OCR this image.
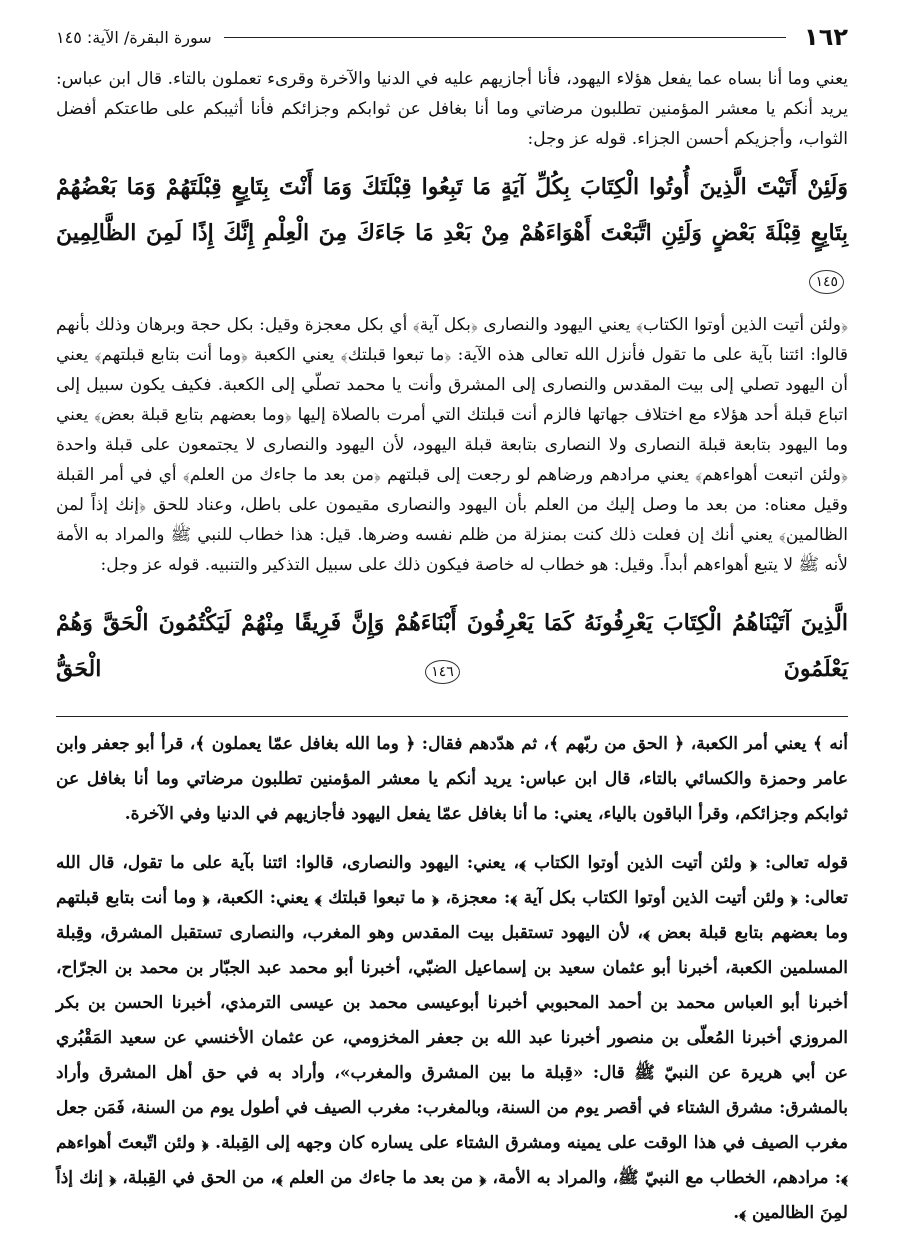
١٦٢
سورة البقرة/ الآية: ١٤٥

يعني وما أنا بساه عما يفعل هؤلاء اليهود، فأنا أجازيهم عليه في الدنيا والآخرة وقرىء تعملون بالتاء. قال ابن عباس: يريد أنكم يا معشر المؤمنين تطلبون مرضاتي وما أنا بغافل عن ثوابكم وجزائكم فأنا أثيبكم على طاعتكم أفضل الثواب، وأجزيكم أحسن الجزاء. قوله عز وجل:

وَلَئِنْ أَتَيْتَ الَّذِينَ أُوتُوا الْكِتَابَ بِكُلِّ آيَةٍ مَا تَبِعُوا قِبْلَتَكَ وَمَا أَنْتَ بِتَابِعٍ قِبْلَتَهُمْ وَمَا بَعْضُهُمْ بِتَابِعٍ قِبْلَةَ بَعْضٍ وَلَئِنِ اتَّبَعْتَ أَهْوَاءَهُمْ مِنْ بَعْدِ مَا جَاءَكَ مِنَ الْعِلْمِ إِنَّكَ إِذًا لَمِنَ الظَّالِمِينَ ١٤٥

﴿ولئن أتيت الذين أوتوا الكتاب﴾ يعني اليهود والنصارى ﴿بكل آية﴾ أي بكل معجزة وقيل: بكل حجة وبرهان وذلك بأنهم قالوا: ائتنا بآية على ما تقول فأنزل الله تعالى هذه الآية: ﴿ما تبعوا قبلتك﴾ يعني الكعبة ﴿وما أنت بتابع قبلتهم﴾ يعني أن اليهود تصلي إلى بيت المقدس والنصارى إلى المشرق وأنت يا محمد تصلّي إلى الكعبة. فكيف يكون سبيل إلى اتباع قبلة أحد هؤلاء مع اختلاف جهاتها فالزم أنت قبلتك التي أمرت بالصلاة إليها ﴿وما بعضهم بتابع قبلة بعض﴾ يعني وما اليهود بتابعة قبلة النصارى ولا النصارى بتابعة قبلة اليهود، لأن اليهود والنصارى لا يجتمعون على قبلة واحدة ﴿ولئن اتبعت أهواءهم﴾ يعني مرادهم ورضاهم لو رجعت إلى قبلتهم ﴿من بعد ما جاءك من العلم﴾ أي في أمر القبلة وقيل معناه: من بعد ما وصل إليك من العلم بأن اليهود والنصارى مقيمون على باطل، وعناد للحق ﴿إنك إذاً لمن الظالمين﴾ يعني أنك إن فعلت ذلك كنت بمنزلة من ظلم نفسه وضرها. قيل: هذا خطاب للنبي ﷺ والمراد به الأمة لأنه ﷺ لا يتبع أهواءهم أبداً. وقيل: هو خطاب له خاصة فيكون ذلك على سبيل التذكير والتنبيه. قوله عز وجل:

الَّذِينَ آتَيْنَاهُمُ الْكِتَابَ يَعْرِفُونَهُ كَمَا يَعْرِفُونَ أَبْنَاءَهُمْ وَإِنَّ فَرِيقًا مِنْهُمْ لَيَكْتُمُونَ الْحَقَّ وَهُمْ يَعْلَمُونَ ١٤٦ الْحَقُّ

أنه ﴾ يعني أمر الكعبة، ﴿ الحق من ربّهم ﴾، ثم هدّدهم فقال: ﴿ وما الله بغافل عمّا يعملون ﴾، قرأ أبو جعفر وابن عامر وحمزة والكسائي بالتاء، قال ابن عباس: يريد أنكم يا معشر المؤمنين تطلبون مرضاتي وما أنا بغافل عن ثوابكم وجزائكم، وقرأ الباقون بالياء، يعني: ما أنا بغافل عمّا يفعل اليهود فأجازيهم في الدنيا وفي الآخرة.

قوله تعالى: ﴿ ولئن أتيت الذين أوتوا الكتاب ﴾، يعني: اليهود والنصارى، قالوا: ائتنا بآية على ما تقول، قال الله تعالى: ﴿ ولئن أتيت الذين أوتوا الكتاب بكل آية ﴾: معجزة، ﴿ ما تبعوا قبلتك ﴾ يعني: الكعبة، ﴿ وما أنت بتابع قبلتهم وما بعضهم بتابع قبلة بعض ﴾، لأن اليهود تستقبل بيت المقدس وهو المغرب، والنصارى تستقبل المشرق، وقِبلة المسلمين الكعبة، أخبرنا أبو عثمان سعيد بن إسماعيل الضبّي، أخبرنا أبو محمد عبد الجبّار بن محمد بن الجرّاح، أخبرنا أبو العباس محمد بن أحمد المحبوبي أخبرنا أبوعيسى محمد بن عيسى الترمذي، أخبرنا الحسن بن بكر المروزي أخبرنا المُعلّى بن منصور أخبرنا عبد الله بن جعفر المخزومي، عن عثمان الأخنسي عن سعيد المَقْبُري عن أبي هريرة عن النبيّ ﷺ قال: «قِبلة ما بين المشرق والمغرب»، وأراد به في حق أهل المشرق وأراد بالمشرق: مشرق الشتاء في أقصر يوم من السنة، وبالمغرب: مغرب الصيف في أطول يوم من السنة، فَمَن جعل مغرب الصيف في هذا الوقت على يمينه ومشرق الشتاء على يساره كان وجهه إلى القِبلة. ﴿ ولئن اتّبعتَ أهواءهم ﴾: مرادهم، الخطاب مع النبيّ ﷺ، والمراد به الأمة، ﴿ من بعد ما جاءك من العلم ﴾، من الحق في القِبلة، ﴿ إنك إذاً لمِنَ الظالمين ﴾.
